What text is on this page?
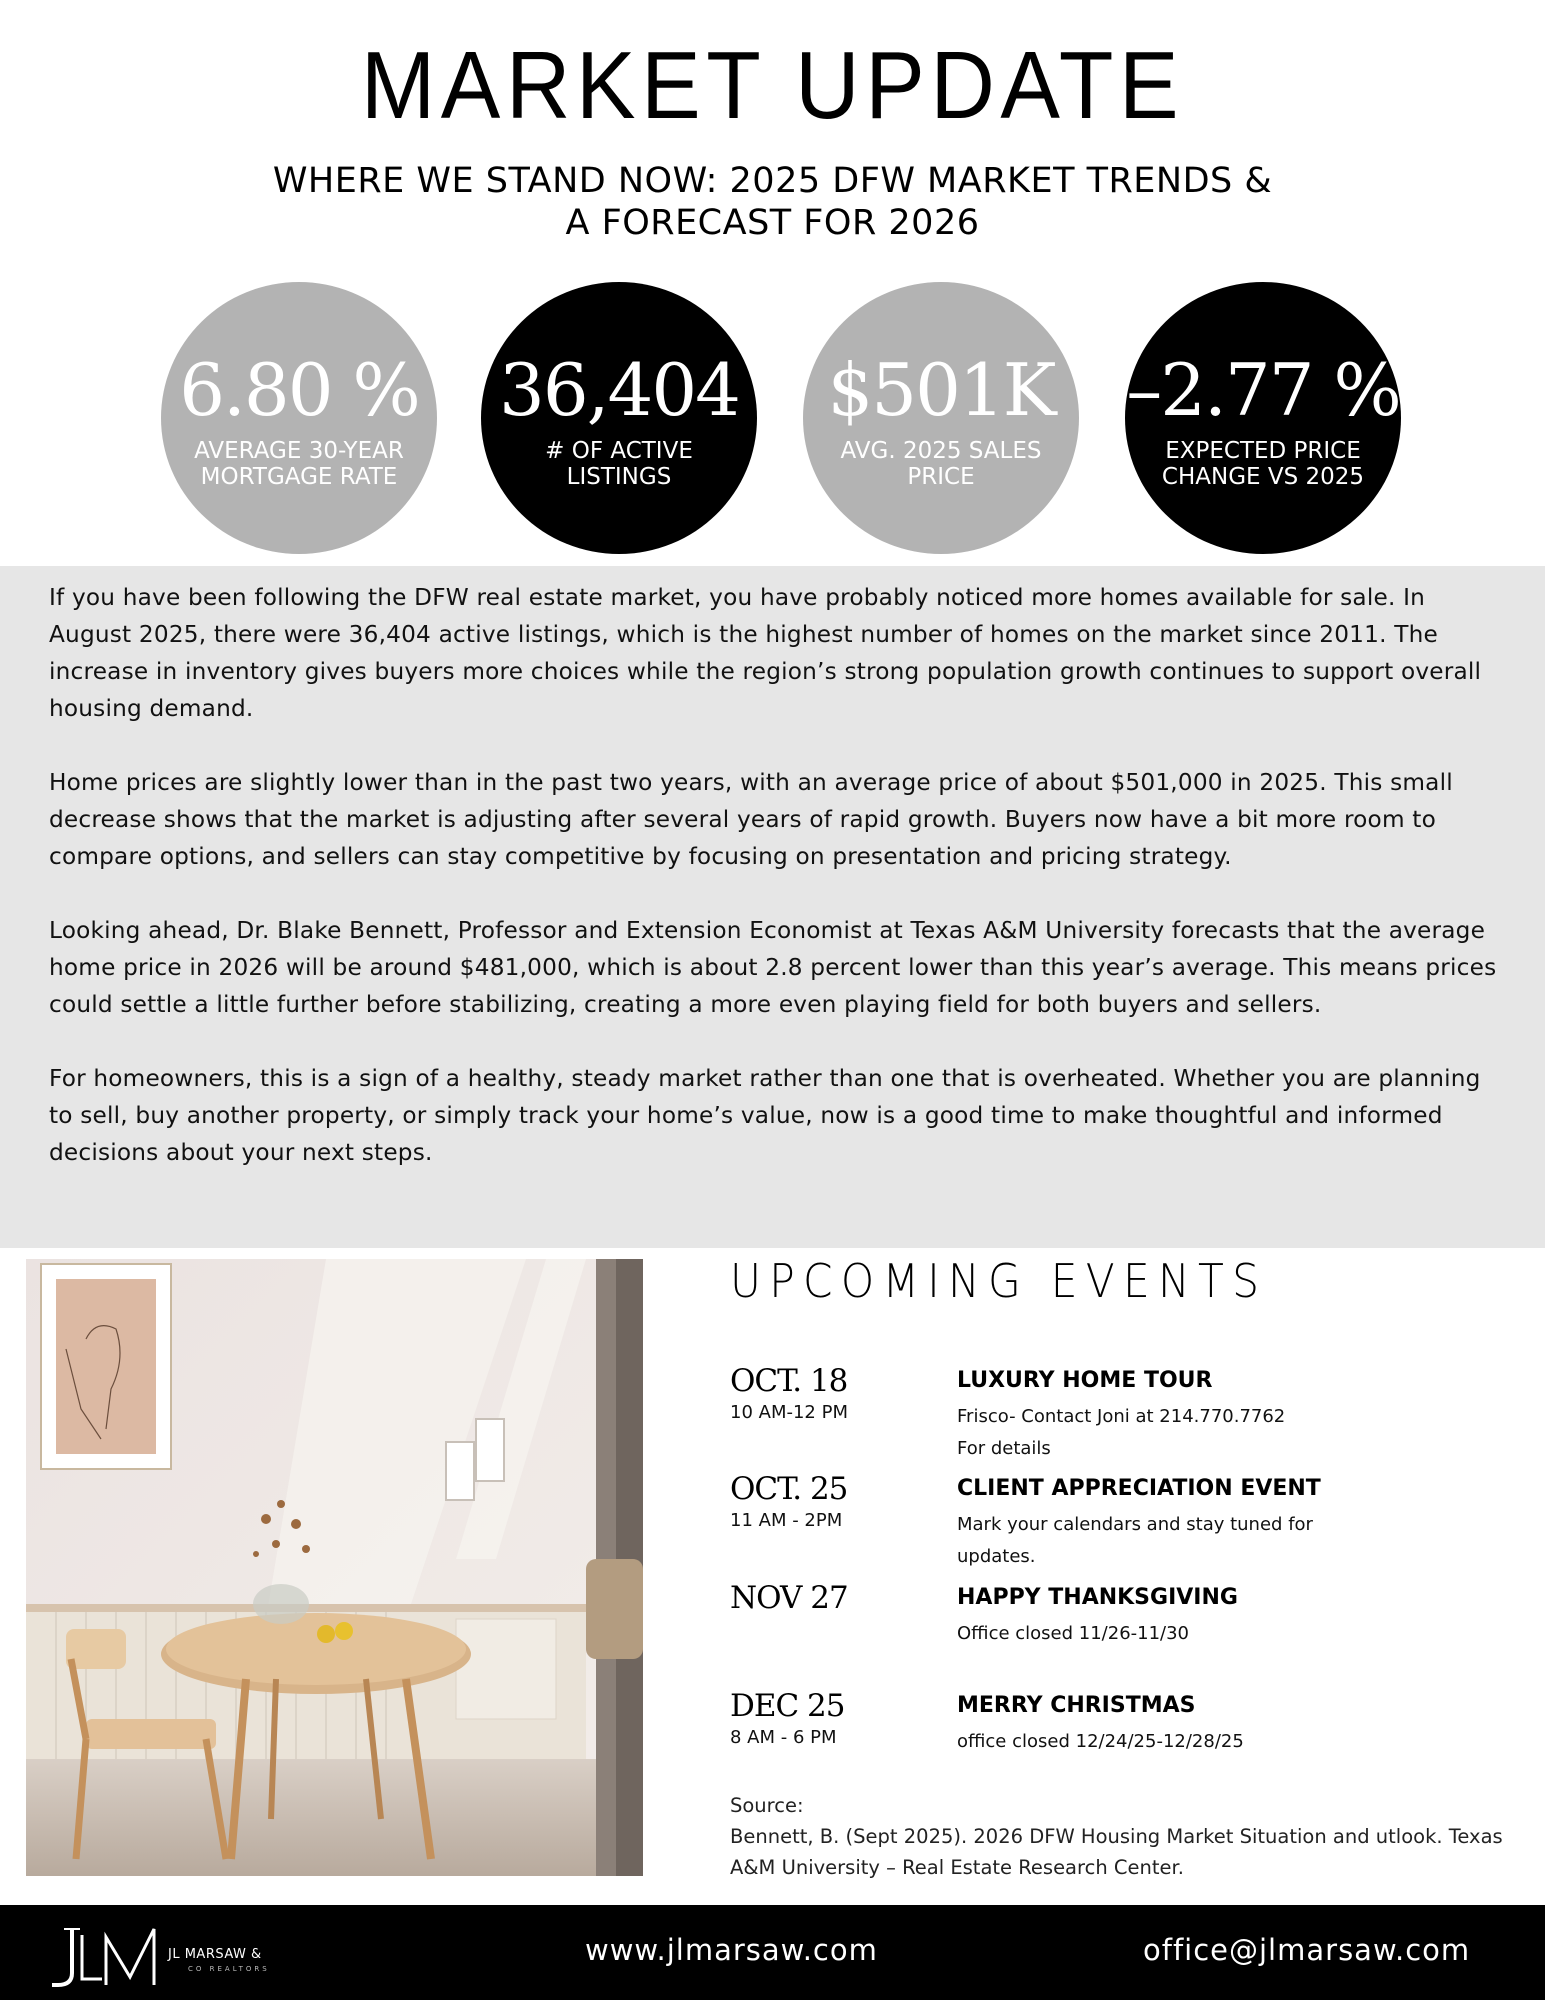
MARKET UPDATE
WHERE WE STAND NOW: 2025 DFW MARKET TRENDS &
A FORECAST FOR 2026
6.80 %
AVERAGE 30-YEAR
MORTGAGE RATE
36,404
# OF ACTIVE
LISTINGS
$501K
AVG. 2025 SALES
PRICE
–2.77 %
EXPECTED PRICE
CHANGE VS 2025

If you have been following the DFW real estate market, you have probably noticed more homes available for sale. In August 2025, there were 36,404 active listings, which is the highest number of homes on the market since 2011. The increase in inventory gives buyers more choices while the region’s strong population growth continues to support overall housing demand.

Home prices are slightly lower than in the past two years, with an average price of about $501,000 in 2025. This small decrease shows that the market is adjusting after several years of rapid growth. Buyers now have a bit more room to compare options, and sellers can stay competitive by focusing on presentation and pricing strategy.

Looking ahead, Dr. Blake Bennett, Professor and Extension Economist at Texas A&M University forecasts that the average home price in 2026 will be around $481,000, which is about 2.8 percent lower than this year’s average. This means prices could settle a little further before stabilizing, creating a more even playing field for both buyers and sellers.

For homeowners, this is a sign of a healthy, steady market rather than one that is overheated. Whether you are planning to sell, buy another property, or simply track your home’s value, now is a good time to make thoughtful and informed decisions about your next steps.

UPCOMING EVENTS
OCT. 18
10 AM-12 PM
LUXURY HOME TOUR
Frisco- Contact Joni at 214.770.7762
For details
OCT. 25
11 AM - 2PM
CLIENT APPRECIATION EVENT
Mark your calendars and stay tuned for updates.
NOV 27	HAPPY THANKSGIVING
Office closed 11/26-11/30
DEC 25
8 AM - 6 PM
MERRY CHRISTMAS
office closed 12/24/25-12/28/25
Source:
Bennett, B. (Sept 2025). 2026 DFW Housing Market Situation and utlook. Texas A&M University – Real Estate Research Center.
JL MARSAW &
CO REALTORS
www.jlmarsaw.com	office@jlmarsaw.com
